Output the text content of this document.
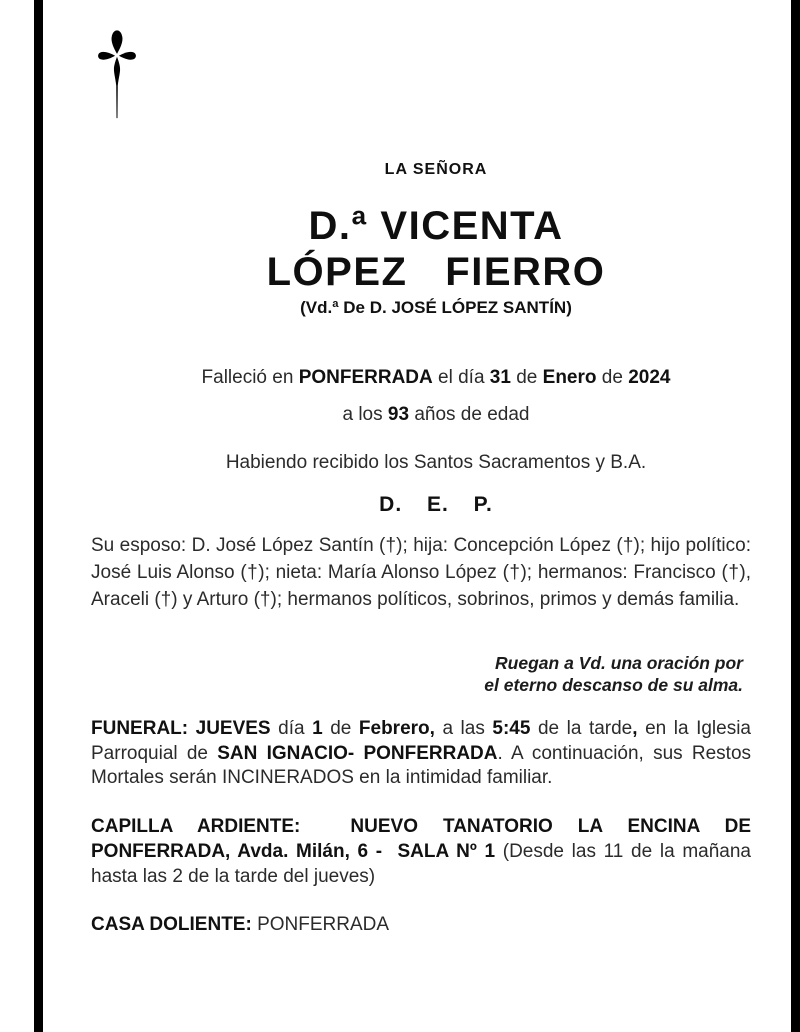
LA SEÑORA
D.ª VICENTA
LÓPEZ   FIERRO
(Vd.ª De D. JOSÉ LÓPEZ SANTÍN)
Falleció en PONFERRADA el día 31 de Enero de 2024
a los 93 años de edad
Habiendo recibido los Santos Sacramentos y B.A.
D. E. P.
Su esposo: D. José López Santín (†); hija: Concepción López (†); hijo político: José Luis Alonso (†); nieta: María Alonso López (†); hermanos: Francisco (†), Araceli (†) y Arturo (†); hermanos políticos, sobrinos, primos y demás familia.
Ruegan a Vd. una oración por
el eterno descanso de su alma.
FUNERAL: JUEVES día 1 de Febrero, a las 5:45 de la tarde, en la Iglesia Parroquial de SAN IGNACIO- PONFERRADA. A continuación, sus Restos Mortales serán INCINERADOS en la intimidad familiar.
CAPILLA ARDIENTE:  NUEVO TANATORIO LA ENCINA DE PONFERRADA, Avda. Milán, 6 -  SALA Nº 1 (Desde las 11 de la mañana hasta las 2 de la tarde del jueves)
CASA DOLIENTE: PONFERRADA
